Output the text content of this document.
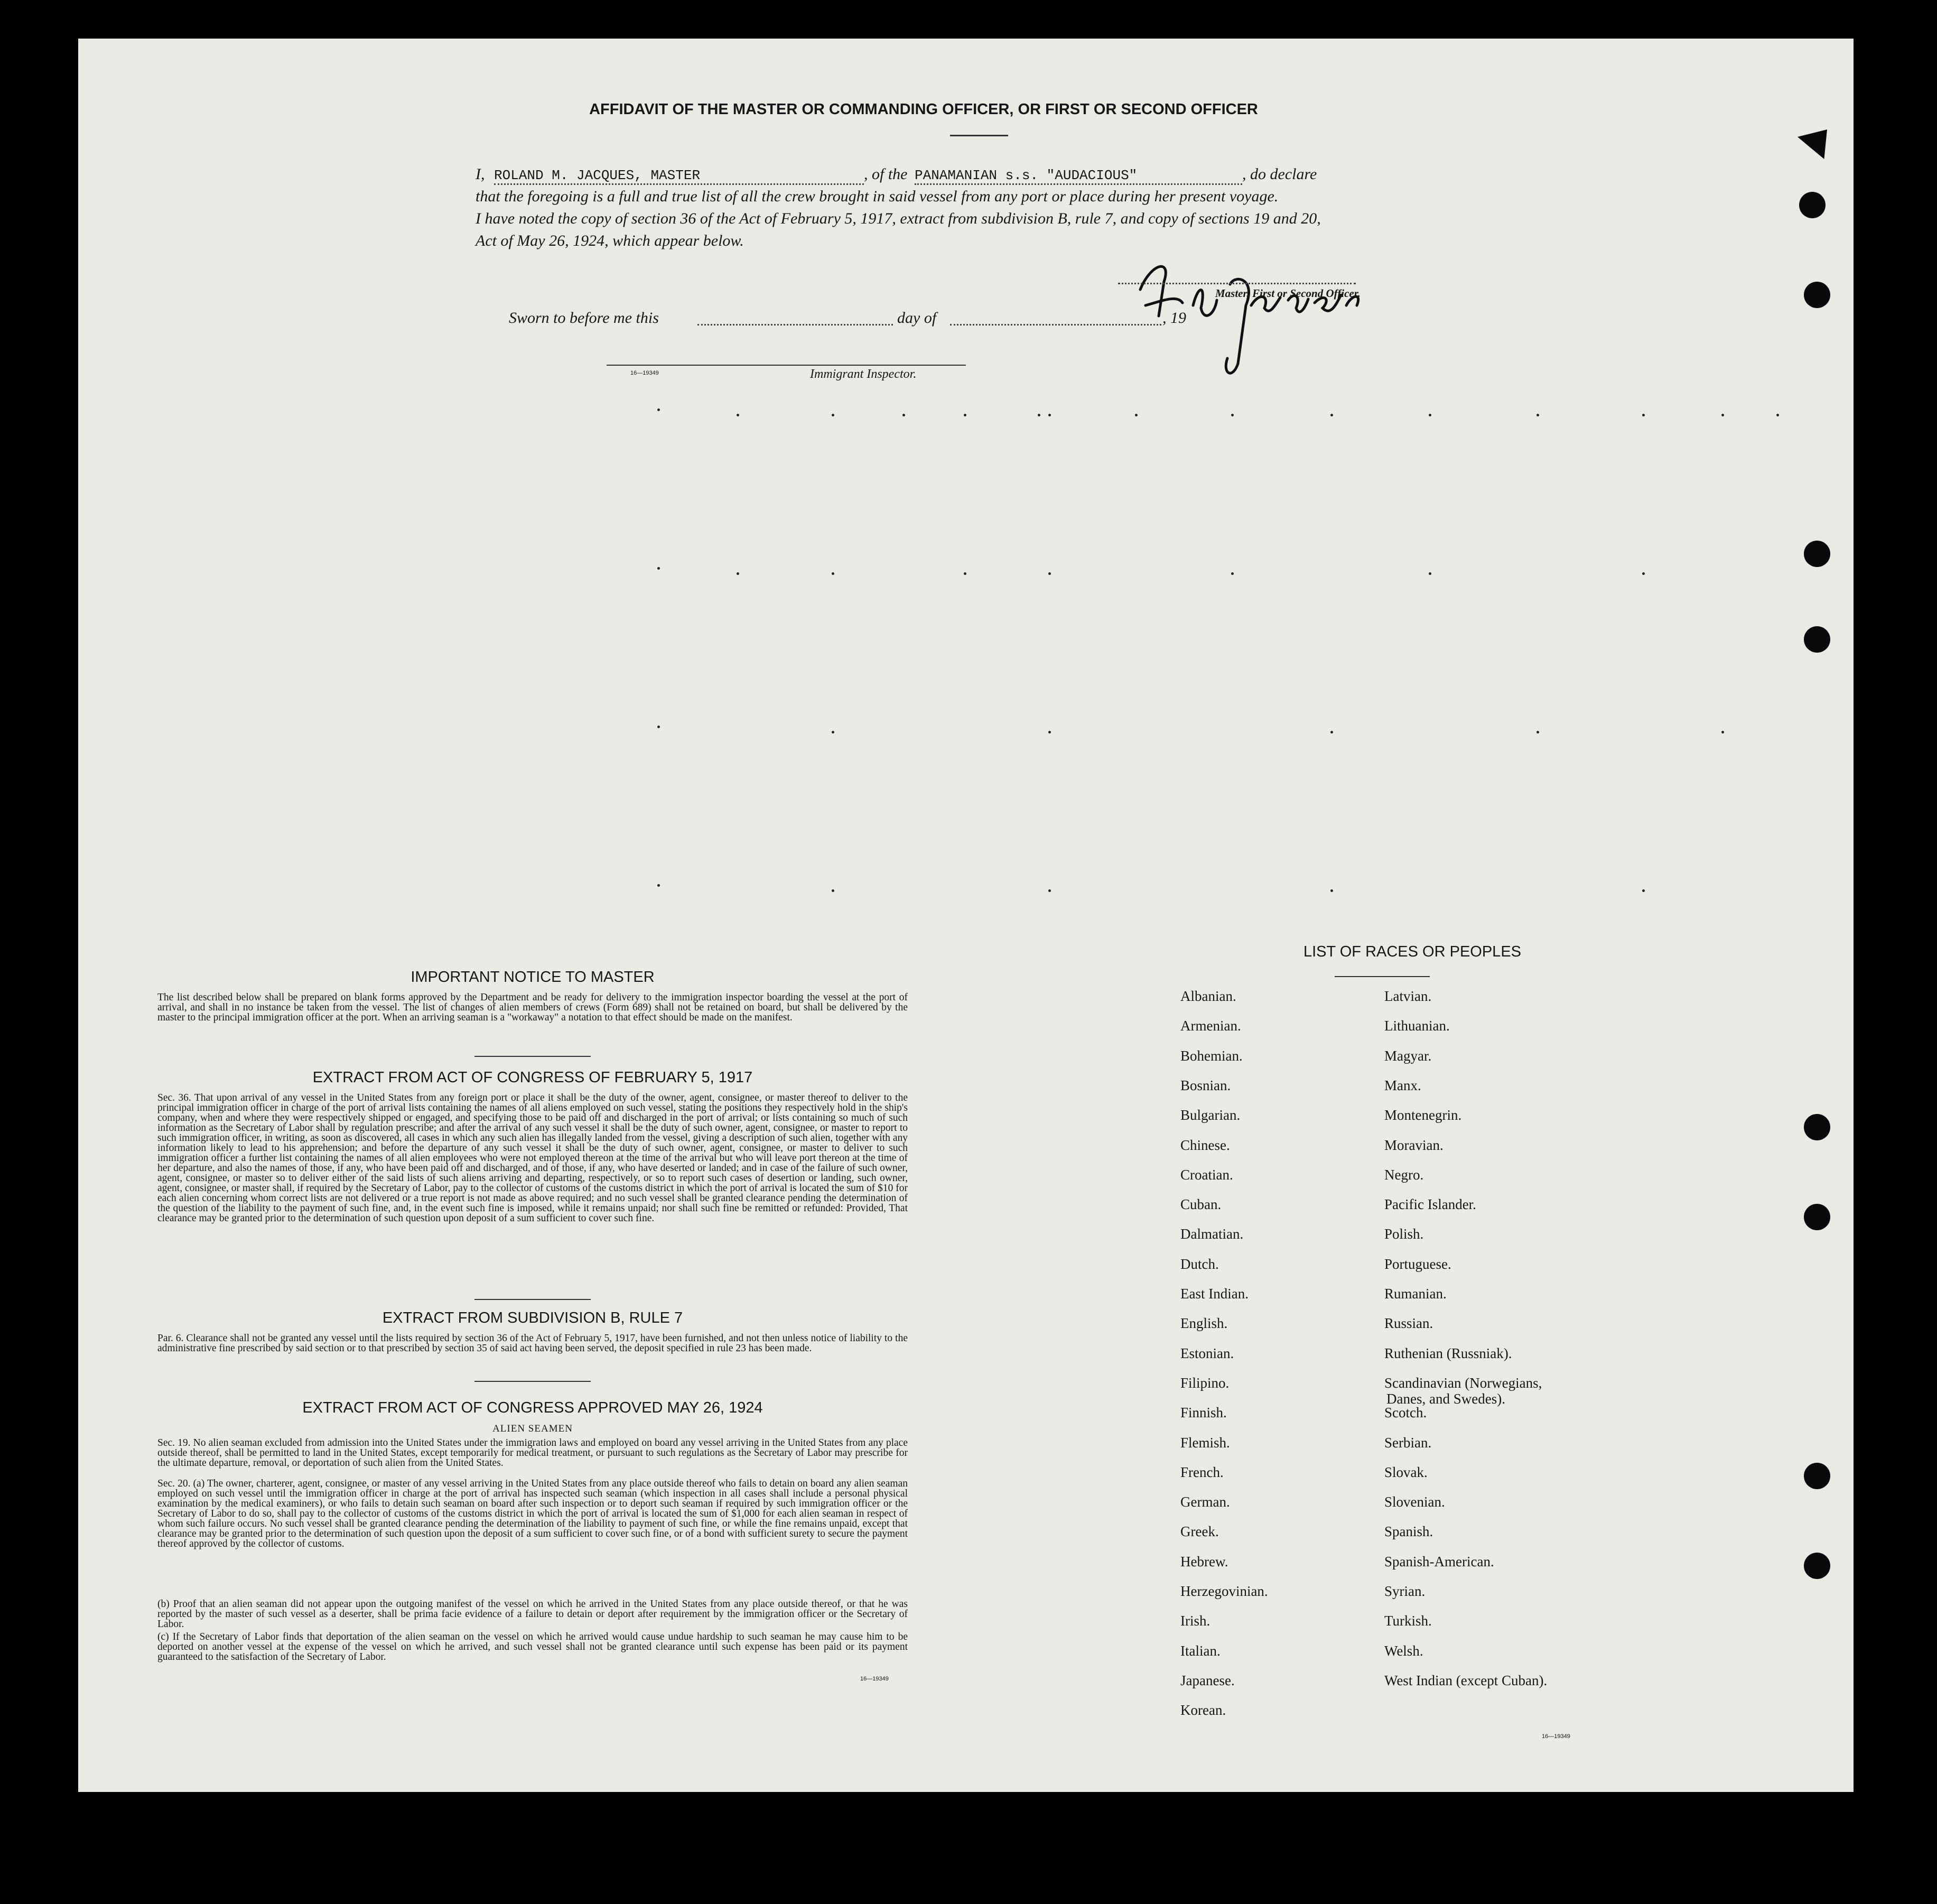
AFFIDAVIT OF THE MASTER OR COMMANDING OFFICER, OR FIRST OR SECOND OFFICER
I, ROLAND M. JACQUES, MASTER	, of the PANAMANIAN s.s. "AUDACIOUS"	, do declare
that the foregoing is a full and true list of all the crew brought in said vessel from any port or place during her present voyage.
I have noted the copy of section 36 of the Act of February 5, 1917, extract from subdivision B, rule 7, and copy of sections 19 and 20,
Act of May 26, 1924, which appear below.
Master, First or Second Officer.
Sworn to before me this	day of	, 19
16—19349	Immigrant Inspector.
IMPORTANT NOTICE TO MASTER
The list described below shall be prepared on blank forms approved by the Department and be ready for delivery to the immigration inspector boarding the vessel at the port of arrival, and shall in no instance be taken from the vessel. The list of changes of alien members of crews (Form 689) shall not be retained on board, but shall be delivered by the master to the principal immigration officer at the port. When an arriving seaman is a "workaway" a notation to that effect should be made on the manifest.
EXTRACT FROM ACT OF CONGRESS OF FEBRUARY 5, 1917
Sec. 36. That upon arrival of any vessel in the United States from any foreign port or place it shall be the duty of the owner, agent, consignee, or master thereof to deliver to the principal immigration officer in charge of the port of arrival lists containing the names of all aliens employed on such vessel, stating the positions they respectively hold in the ship's company, when and where they were respectively shipped or engaged, and specifying those to be paid off and discharged in the port of arrival; or lists containing so much of such information as the Secretary of Labor shall by regulation prescribe; and after the arrival of any such vessel it shall be the duty of such owner, agent, consignee, or master to report to such immigration officer, in writing, as soon as discovered, all cases in which any such alien has illegally landed from the vessel, giving a description of such alien, together with any information likely to lead to his apprehension; and before the departure of any such vessel it shall be the duty of such owner, agent, consignee, or master to deliver to such immigration officer a further list containing the names of all alien employees who were not employed thereon at the time of the arrival but who will leave port thereon at the time of her departure, and also the names of those, if any, who have been paid off and discharged, and of those, if any, who have deserted or landed; and in case of the failure of such owner, agent, consignee, or master so to deliver either of the said lists of such aliens arriving and departing, respectively, or so to report such cases of desertion or landing, such owner, agent, consignee, or master shall, if required by the Secretary of Labor, pay to the collector of customs of the customs district in which the port of arrival is located the sum of $10 for each alien concerning whom correct lists are not delivered or a true report is not made as above required; and no such vessel shall be granted clearance pending the determination of the question of the liability to the payment of such fine, and, in the event such fine is imposed, while it remains unpaid; nor shall such fine be remitted or refunded: Provided, That clearance may be granted prior to the determination of such question upon deposit of a sum sufficient to cover such fine.
EXTRACT FROM SUBDIVISION B, RULE 7
Par. 6. Clearance shall not be granted any vessel until the lists required by section 36 of the Act of February 5, 1917, have been furnished, and not then unless notice of liability to the administrative fine prescribed by said section or to that prescribed by section 35 of said act having been served, the deposit specified in rule 23 has been made.
EXTRACT FROM ACT OF CONGRESS APPROVED MAY 26, 1924
ALIEN SEAMEN
Sec. 19. No alien seaman excluded from admission into the United States under the immigration laws and employed on board any vessel arriving in the United States from any place outside thereof, shall be permitted to land in the United States, except temporarily for medical treatment, or pursuant to such regulations as the Secretary of Labor may prescribe for the ultimate departure, removal, or deportation of such alien from the United States.
Sec. 20. (a) The owner, charterer, agent, consignee, or master of any vessel arriving in the United States from any place outside thereof who fails to detain on board any alien seaman employed on such vessel until the immigration officer in charge at the port of arrival has inspected such seaman (which inspection in all cases shall include a personal physical examination by the medical examiners), or who fails to detain such seaman on board after such inspection or to deport such seaman if required by such immigration officer or the Secretary of Labor to do so, shall pay to the collector of customs of the customs district in which the port of arrival is located the sum of $1,000 for each alien seaman in respect of whom such failure occurs. No such vessel shall be granted clearance pending the determination of the liability to payment of such fine, or while the fine remains unpaid, except that clearance may be granted prior to the determination of such question upon the deposit of a sum sufficient to cover such fine, or of a bond with sufficient surety to secure the payment thereof approved by the collector of customs.
(b) Proof that an alien seaman did not appear upon the outgoing manifest of the vessel on which he arrived in the United States from any place outside thereof, or that he was reported by the master of such vessel as a deserter, shall be prima facie evidence of a failure to detain or deport after requirement by the immigration officer or the Secretary of Labor.
(c) If the Secretary of Labor finds that deportation of the alien seaman on the vessel on which he arrived would cause undue hardship to such seaman he may cause him to be deported on another vessel at the expense of the vessel on which he arrived, and such vessel shall not be granted clearance until such expense has been paid or its payment guaranteed to the satisfaction of the Secretary of Labor.
16—19349
LIST OF RACES OR PEOPLES
Albanian.
Armenian.
Bohemian.
Bosnian.
Bulgarian.
Chinese.
Croatian.
Cuban.
Dalmatian.
Dutch.
East Indian.
English.
Estonian.
Filipino.
Finnish.
Flemish.
French.
German.
Greek.
Hebrew.
Herzegovinian.
Irish.
Italian.
Japanese.
Korean.
Latvian.
Lithuanian.
Magyar.
Manx.
Montenegrin.
Moravian.
Negro.
Pacific Islander.
Polish.
Portuguese.
Rumanian.
Russian.
Ruthenian (Russniak).
Scandinavian (Norwegians,
Danes, and Swedes).
Scotch.
Serbian.
Slovak.
Slovenian.
Spanish.
Spanish-American.
Syrian.
Turkish.
Welsh.
West Indian (except Cuban).
16—19349
